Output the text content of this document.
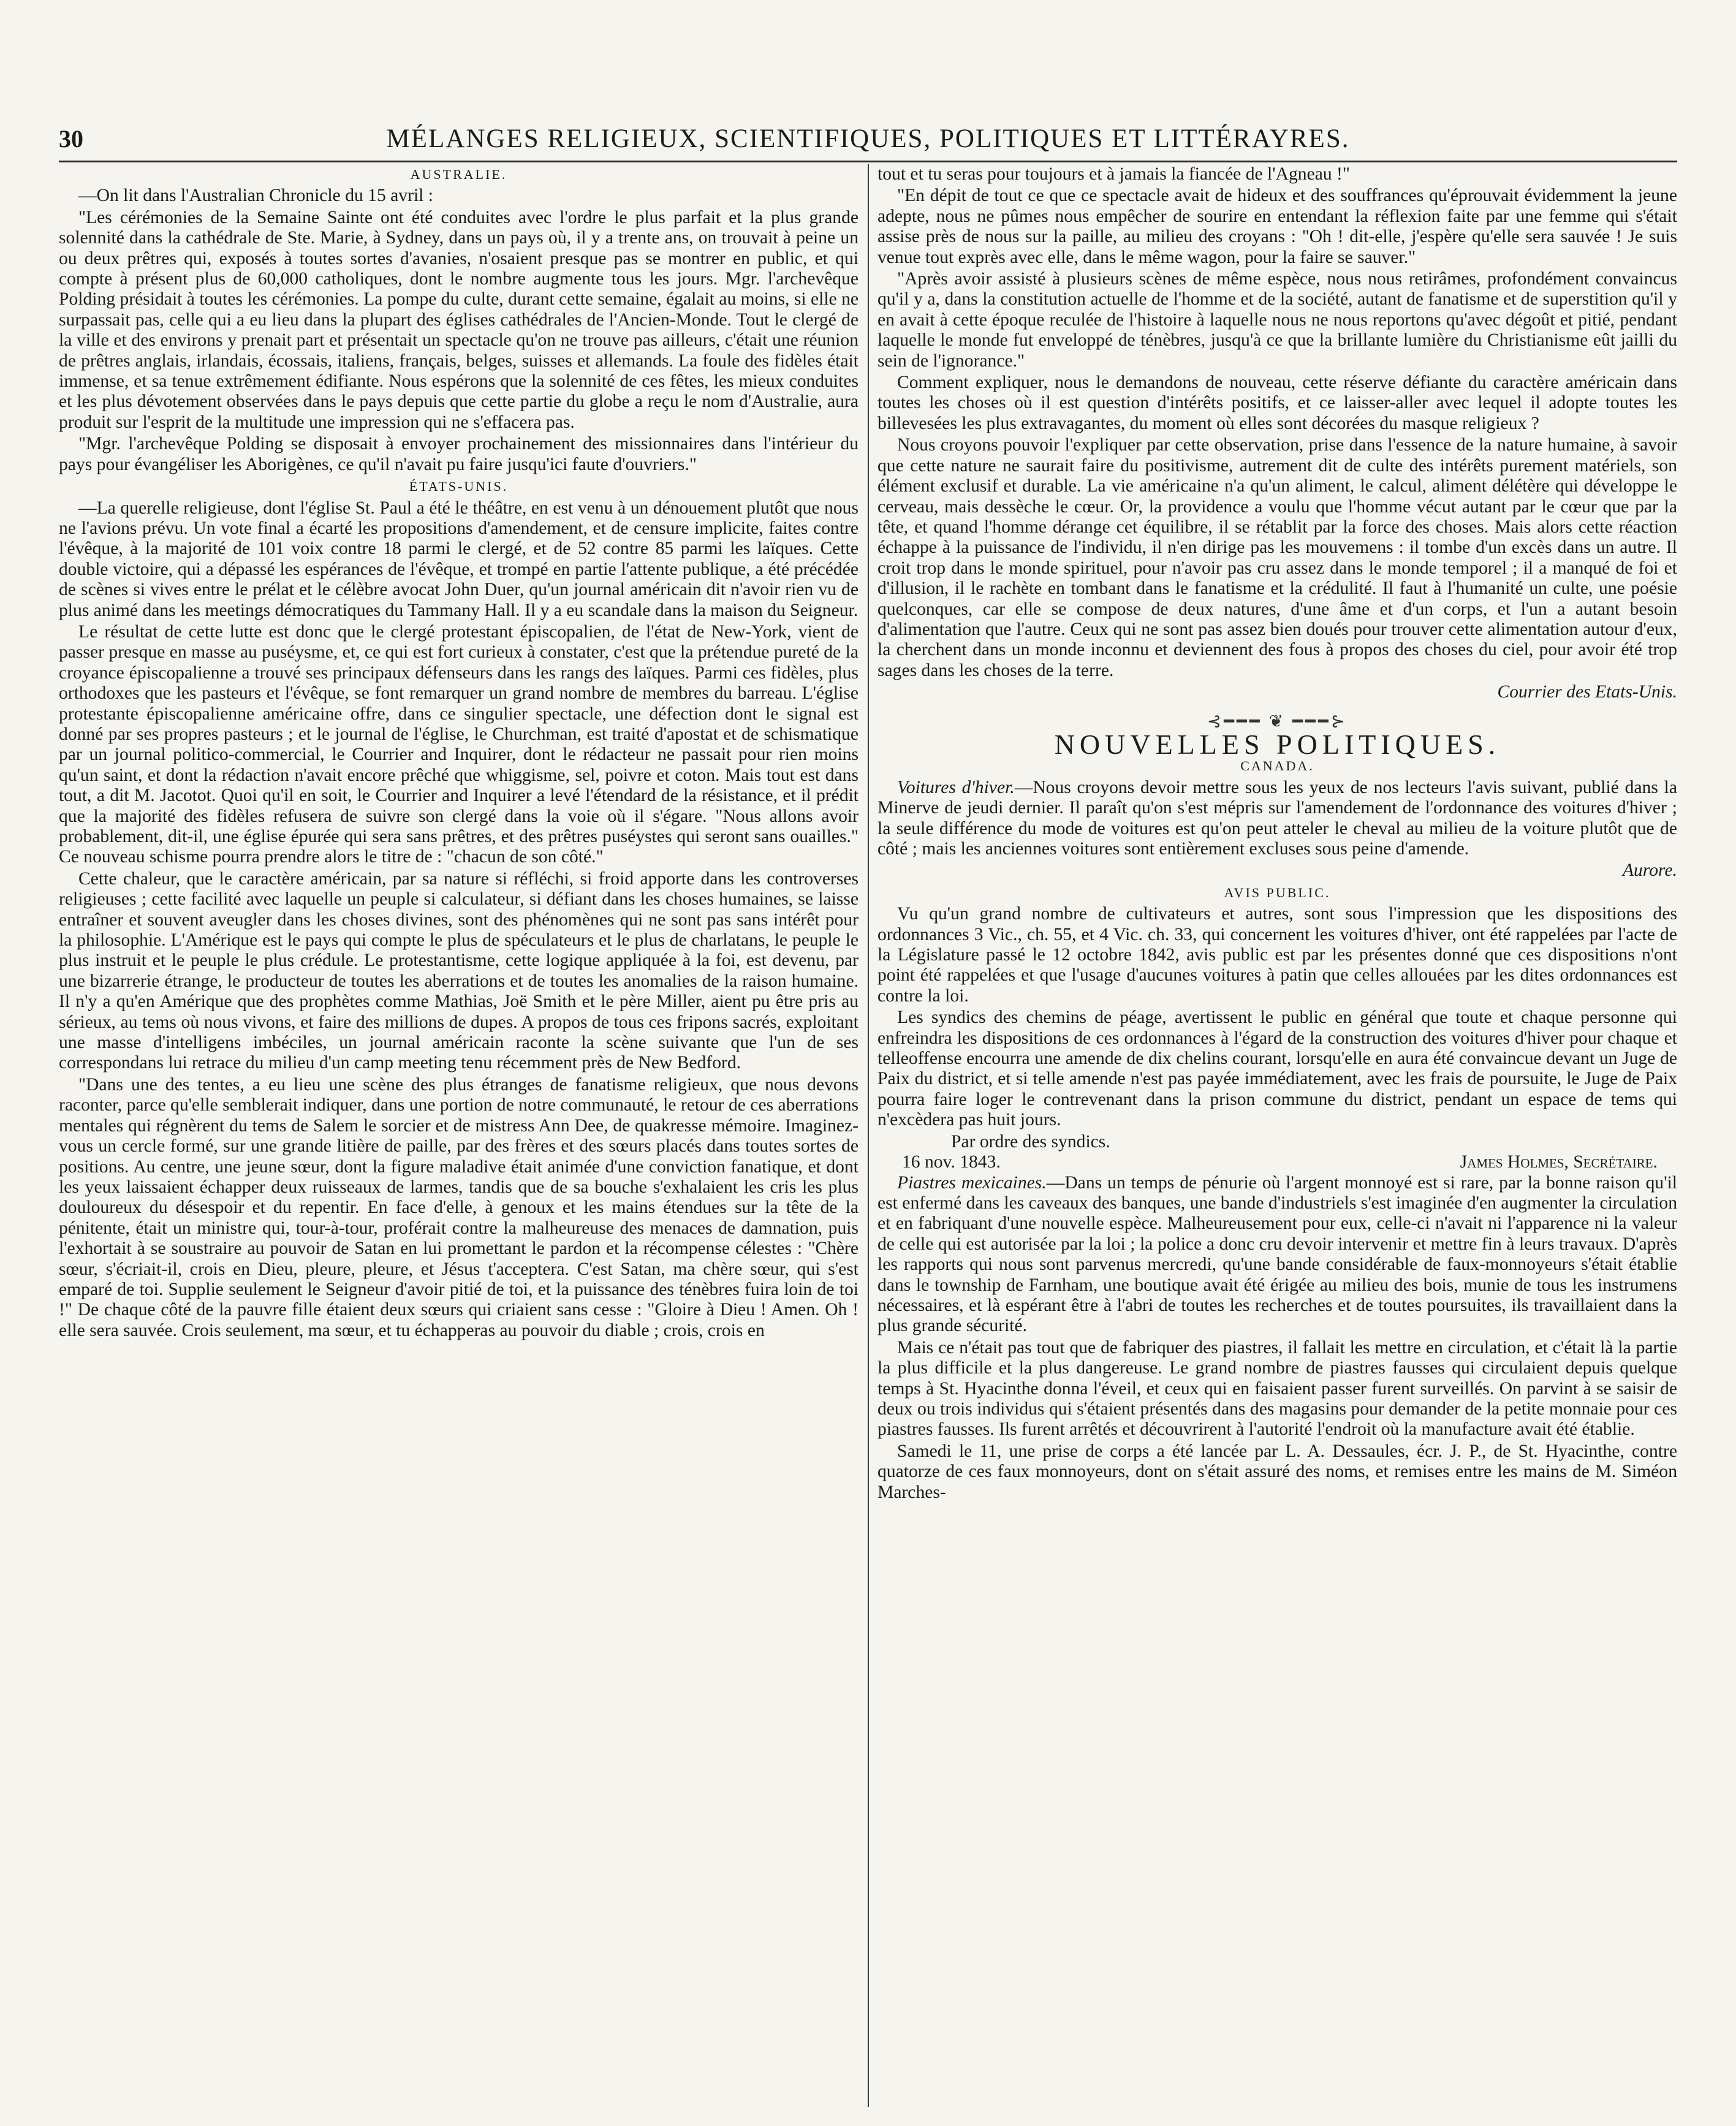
30	MÉLANGES RELIGIEUX, SCIENTIFIQUES, POLITIQUES ET LITTÉRAYRES.

AUSTRALIE.

—On lit dans l'Australian Chronicle du 15 avril :

"Les cérémonies de la Semaine Sainte ont été conduites avec l'ordre le plus parfait et la plus grande solennité dans la cathédrale de Ste. Marie, à Sydney, dans un pays où, il y a trente ans, on trouvait à peine un ou deux prêtres qui, exposés à toutes sortes d'avanies, n'osaient presque pas se montrer en public, et qui compte à présent plus de 60,000 catholiques, dont le nombre augmente tous les jours. Mgr. l'archevêque Polding présidait à toutes les cérémonies. La pompe du culte, durant cette semaine, égalait au moins, si elle ne surpassait pas, celle qui a eu lieu dans la plupart des églises cathédrales de l'Ancien-Monde. Tout le clergé de la ville et des environs y prenait part et présentait un spectacle qu'on ne trouve pas ailleurs, c'était une réunion de prêtres anglais, irlandais, écossais, italiens, français, belges, suisses et allemands. La foule des fidèles était immense, et sa tenue extrêmement édifiante. Nous espérons que la solennité de ces fêtes, les mieux conduites et les plus dévotement observées dans le pays depuis que cette partie du globe a reçu le nom d'Australie, aura produit sur l'esprit de la multitude une impression qui ne s'effacera pas.

"Mgr. l'archevêque Polding se disposait à envoyer prochainement des missionnaires dans l'intérieur du pays pour évangéliser les Aborigènes, ce qu'il n'avait pu faire jusqu'ici faute d'ouvriers."

ÉTATS-UNIS.

—La querelle religieuse, dont l'église St. Paul a été le théâtre, en est venu à un dénouement plutôt que nous ne l'avions prévu. Un vote final a écarté les propositions d'amendement, et de censure implicite, faites contre l'évêque, à la majorité de 101 voix contre 18 parmi le clergé, et de 52 contre 85 parmi les laïques. Cette double victoire, qui a dépassé les espérances de l'évêque, et trompé en partie l'attente publique, a été précédée de scènes si vives entre le prélat et le célèbre avocat John Duer, qu'un journal américain dit n'avoir rien vu de plus animé dans les meetings démocratiques du Tammany Hall. Il y a eu scandale dans la maison du Seigneur.

Le résultat de cette lutte est donc que le clergé protestant épiscopalien, de l'état de New-York, vient de passer presque en masse au puséysme, et, ce qui est fort curieux à constater, c'est que la prétendue pureté de la croyance épiscopalienne a trouvé ses principaux défenseurs dans les rangs des laïques. Parmi ces fidèles, plus orthodoxes que les pasteurs et l'évêque, se font remarquer un grand nombre de membres du barreau. L'église protestante épiscopalienne américaine offre, dans ce singulier spectacle, une défection dont le signal est donné par ses propres pasteurs ; et le journal de l'église, le Churchman, est traité d'apostat et de schismatique par un journal politico-commercial, le Courrier and Inquirer, dont le rédacteur ne passait pour rien moins qu'un saint, et dont la rédaction n'avait encore prêché que whiggisme, sel, poivre et coton. Mais tout est dans tout, a dit M. Jacotot. Quoi qu'il en soit, le Courrier and Inquirer a levé l'étendard de la résistance, et il prédit que la majorité des fidèles refusera de suivre son clergé dans la voie où il s'égare. "Nous allons avoir probablement, dit-il, une église épurée qui sera sans prêtres, et des prêtres puséystes qui seront sans ouailles." Ce nouveau schisme pourra prendre alors le titre de : "chacun de son côté."

Cette chaleur, que le caractère américain, par sa nature si réfléchi, si froid apporte dans les controverses religieuses ; cette facilité avec laquelle un peuple si calculateur, si défiant dans les choses humaines, se laisse entraîner et souvent aveugler dans les choses divines, sont des phénomènes qui ne sont pas sans intérêt pour la philosophie. L'Amérique est le pays qui compte le plus de spéculateurs et le plus de charlatans, le peuple le plus instruit et le peuple le plus crédule. Le protestantisme, cette logique appliquée à la foi, est devenu, par une bizarrerie étrange, le producteur de toutes les aberrations et de toutes les anomalies de la raison humaine. Il n'y a qu'en Amérique que des prophètes comme Mathias, Joë Smith et le père Miller, aient pu être pris au sérieux, au tems où nous vivons, et faire des millions de dupes. A propos de tous ces fripons sacrés, exploitant une masse d'intelligens imbéciles, un journal américain raconte la scène suivante que l'un de ses correspondans lui retrace du milieu d'un camp meeting tenu récemment près de New Bedford.

"Dans une des tentes, a eu lieu une scène des plus étranges de fanatisme religieux, que nous devons raconter, parce qu'elle semblerait indiquer, dans une portion de notre communauté, le retour de ces aberrations mentales qui régnèrent du tems de Salem le sorcier et de mistress Ann Dee, de quakresse mémoire. Imaginez-vous un cercle formé, sur une grande litière de paille, par des frères et des sœurs placés dans toutes sortes de positions. Au centre, une jeune sœur, dont la figure maladive était animée d'une conviction fanatique, et dont les yeux laissaient échapper deux ruisseaux de larmes, tandis que de sa bouche s'exhalaient les cris les plus douloureux du désespoir et du repentir. En face d'elle, à genoux et les mains étendues sur la tête de la pénitente, était un ministre qui, tour-à-tour, proférait contre la malheureuse des menaces de damnation, puis l'exhortait à se soustraire au pouvoir de Satan en lui promettant le pardon et la récompense célestes : "Chère sœur, s'écriait-il, crois en Dieu, pleure, pleure, et Jésus t'acceptera. C'est Satan, ma chère sœur, qui s'est emparé de toi. Supplie seulement le Seigneur d'avoir pitié de toi, et la puissance des ténèbres fuira loin de toi !" De chaque côté de la pauvre fille étaient deux sœurs qui criaient sans cesse : "Gloire à Dieu ! Amen. Oh ! elle sera sauvée. Crois seulement, ma sœur, et tu échapperas au pouvoir du diable ; crois, crois en

tout et tu seras pour toujours et à jamais la fiancée de l'Agneau !"

"En dépit de tout ce que ce spectacle avait de hideux et des souffrances qu'éprouvait évidemment la jeune adepte, nous ne pûmes nous empêcher de sourire en entendant la réflexion faite par une femme qui s'était assise près de nous sur la paille, au milieu des croyans : "Oh ! dit-elle, j'espère qu'elle sera sauvée ! Je suis venue tout exprès avec elle, dans le même wagon, pour la faire se sauver."

"Après avoir assisté à plusieurs scènes de même espèce, nous nous retirâmes, profondément convaincus qu'il y a, dans la constitution actuelle de l'homme et de la société, autant de fanatisme et de superstition qu'il y en avait à cette époque reculée de l'histoire à laquelle nous ne nous reportons qu'avec dégoût et pitié, pendant laquelle le monde fut enveloppé de ténèbres, jusqu'à ce que la brillante lumière du Christianisme eût jailli du sein de l'ignorance."

Comment expliquer, nous le demandons de nouveau, cette réserve défiante du caractère américain dans toutes les choses où il est question d'intérêts positifs, et ce laisser-aller avec lequel il adopte toutes les billevesées les plus extravagantes, du moment où elles sont décorées du masque religieux ?

Nous croyons pouvoir l'expliquer par cette observation, prise dans l'essence de la nature humaine, à savoir que cette nature ne saurait faire du positivisme, autrement dit de culte des intérêts purement matériels, son élément exclusif et durable. La vie américaine n'a qu'un aliment, le calcul, aliment délétère qui développe le cerveau, mais dessèche le cœur. Or, la providence a voulu que l'homme vécut autant par le cœur que par la tête, et quand l'homme dérange cet équilibre, il se rétablit par la force des choses. Mais alors cette réaction échappe à la puissance de l'individu, il n'en dirige pas les mouvemens : il tombe d'un excès dans un autre. Il croit trop dans le monde spirituel, pour n'avoir pas cru assez dans le monde temporel ; il a manqué de foi et d'illusion, il le rachète en tombant dans le fanatisme et la crédulité. Il faut à l'humanité un culte, une poésie quelconques, car elle se compose de deux natures, d'une âme et d'un corps, et l'un a autant besoin d'alimentation que l'autre. Ceux qui ne sont pas assez bien doués pour trouver cette alimentation autour d'eux, la cherchent dans un monde inconnu et deviennent des fous à propos des choses du ciel, pour avoir été trop sages dans les choses de la terre.

Courrier des Etats-Unis.

⊰━━━ ❦ ━━━⊱

NOUVELLES POLITIQUES.

CANADA.

Voitures d'hiver.—Nous croyons devoir mettre sous les yeux de nos lecteurs l'avis suivant, publié dans la Minerve de jeudi dernier. Il paraît qu'on s'est mépris sur l'amendement de l'ordonnance des voitures d'hiver ; la seule différence du mode de voitures est qu'on peut atteler le cheval au milieu de la voiture plutôt que de côté ; mais les anciennes voitures sont entièrement excluses sous peine d'amende.

Aurore.

AVIS PUBLIC.

Vu qu'un grand nombre de cultivateurs et autres, sont sous l'impression que les dispositions des ordonnances 3 Vic., ch. 55, et 4 Vic. ch. 33, qui concernent les voitures d'hiver, ont été rappelées par l'acte de la Législature passé le 12 octobre 1842, avis public est par les présentes donné que ces dispositions n'ont point été rappelées et que l'usage d'aucunes voitures à patin que celles allouées par les dites ordonnances est contre la loi.

Les syndics des chemins de péage, avertissent le public en général que toute et chaque personne qui enfreindra les dispositions de ces ordonnances à l'égard de la construction des voitures d'hiver pour chaque et telleoffense encourra une amende de dix chelins courant, lorsqu'elle en aura été convaincue devant un Juge de Paix du district, et si telle amende n'est pas payée immédiatement, avec les frais de poursuite, le Juge de Paix pourra faire loger le contrevenant dans la prison commune du district, pendant un espace de tems qui n'excèdera pas huit jours.

Par ordre des syndics.

16 nov. 1843.	James Holmes, Secrétaire.

Piastres mexicaines.—Dans un temps de pénurie où l'argent monnoyé est si rare, par la bonne raison qu'il est enfermé dans les caveaux des banques, une bande d'industriels s'est imaginée d'en augmenter la circulation et en fabriquant d'une nouvelle espèce. Malheureusement pour eux, celle-ci n'avait ni l'apparence ni la valeur de celle qui est autorisée par la loi ; la police a donc cru devoir intervenir et mettre fin à leurs travaux. D'après les rapports qui nous sont parvenus mercredi, qu'une bande considérable de faux-monnoyeurs s'était établie dans le township de Farnham, une boutique avait été érigée au milieu des bois, munie de tous les instrumens nécessaires, et là espérant être à l'abri de toutes les recherches et de toutes poursuites, ils travaillaient dans la plus grande sécurité.

Mais ce n'était pas tout que de fabriquer des piastres, il fallait les mettre en circulation, et c'était là la partie la plus difficile et la plus dangereuse. Le grand nombre de piastres fausses qui circulaient depuis quelque temps à St. Hyacinthe donna l'éveil, et ceux qui en faisaient passer furent surveillés. On parvint à se saisir de deux ou trois individus qui s'étaient présentés dans des magasins pour demander de la petite monnaie pour ces piastres fausses. Ils furent arrêtés et découvrirent à l'autorité l'endroit où la manufacture avait été établie.

Samedi le 11, une prise de corps a été lancée par L. A. Dessaules, écr. J. P., de St. Hyacinthe, contre quatorze de ces faux monnoyeurs, dont on s'était assuré des noms, et remises entre les mains de M. Siméon Marches-
